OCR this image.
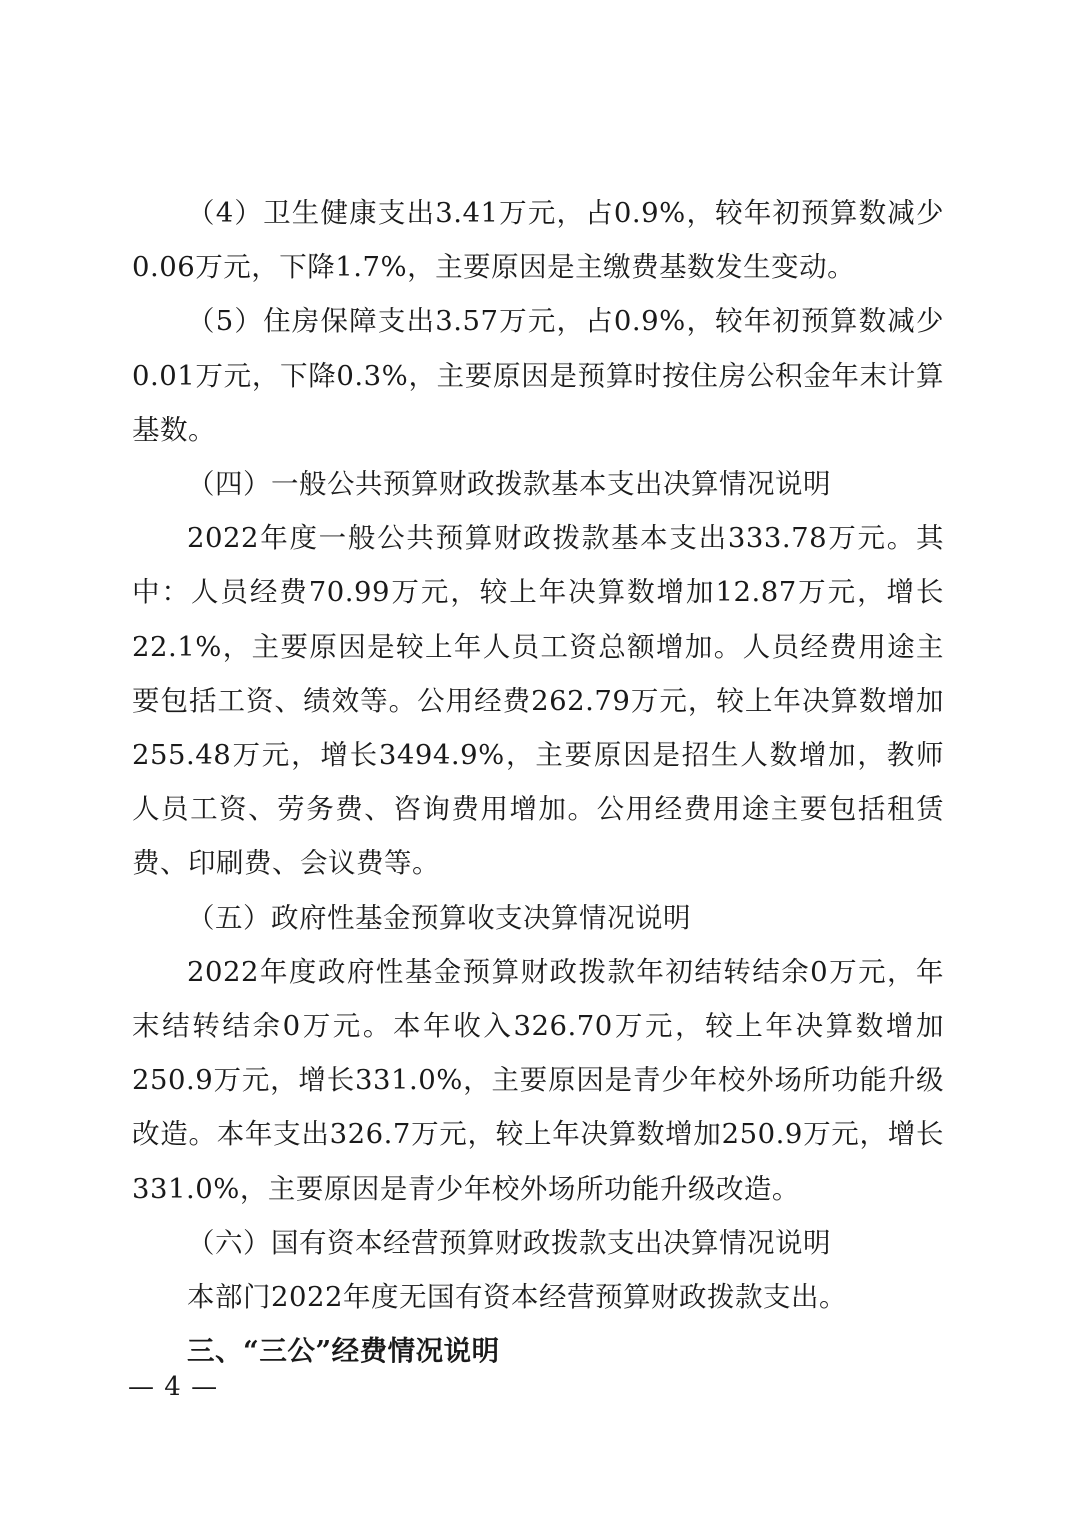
（4）卫生健康支出3.41万元，占0.9%，较年初预算数减少0.06万元，下降1.7%，主要原因是主缴费基数发生变动。

（5）住房保障支出3.57万元，占0.9%，较年初预算数减少0.01万元，下降0.3%，主要原因是预算时按住房公积金年末计算基数。

（四）一般公共预算财政拨款基本支出决算情况说明

2022年度一般公共预算财政拨款基本支出333.78万元。其中：人员经费70.99万元，较上年决算数增加12.87万元，增长22.1%，主要原因是较上年人员工资总额增加。人员经费用途主要包括工资、绩效等。公用经费262.79万元，较上年决算数增加255.48万元，增长3494.9%，主要原因是招生人数增加，教师人员工资、劳务费、咨询费用增加。公用经费用途主要包括租赁费、印刷费、会议费等。

（五）政府性基金预算收支决算情况说明

2022年度政府性基金预算财政拨款年初结转结余0万元，年末结转结余0万元。本年收入326.70万元，较上年决算数增加250.9万元，增长331.0%，主要原因是青少年校外场所功能升级改造。本年支出326.7万元，较上年决算数增加250.9万元，增长331.0%，主要原因是青少年校外场所功能升级改造。

（六）国有资本经营预算财政拨款支出决算情况说明

本部门2022年度无国有资本经营预算财政拨款支出。

三、“三公”经费情况说明

— 4 —
